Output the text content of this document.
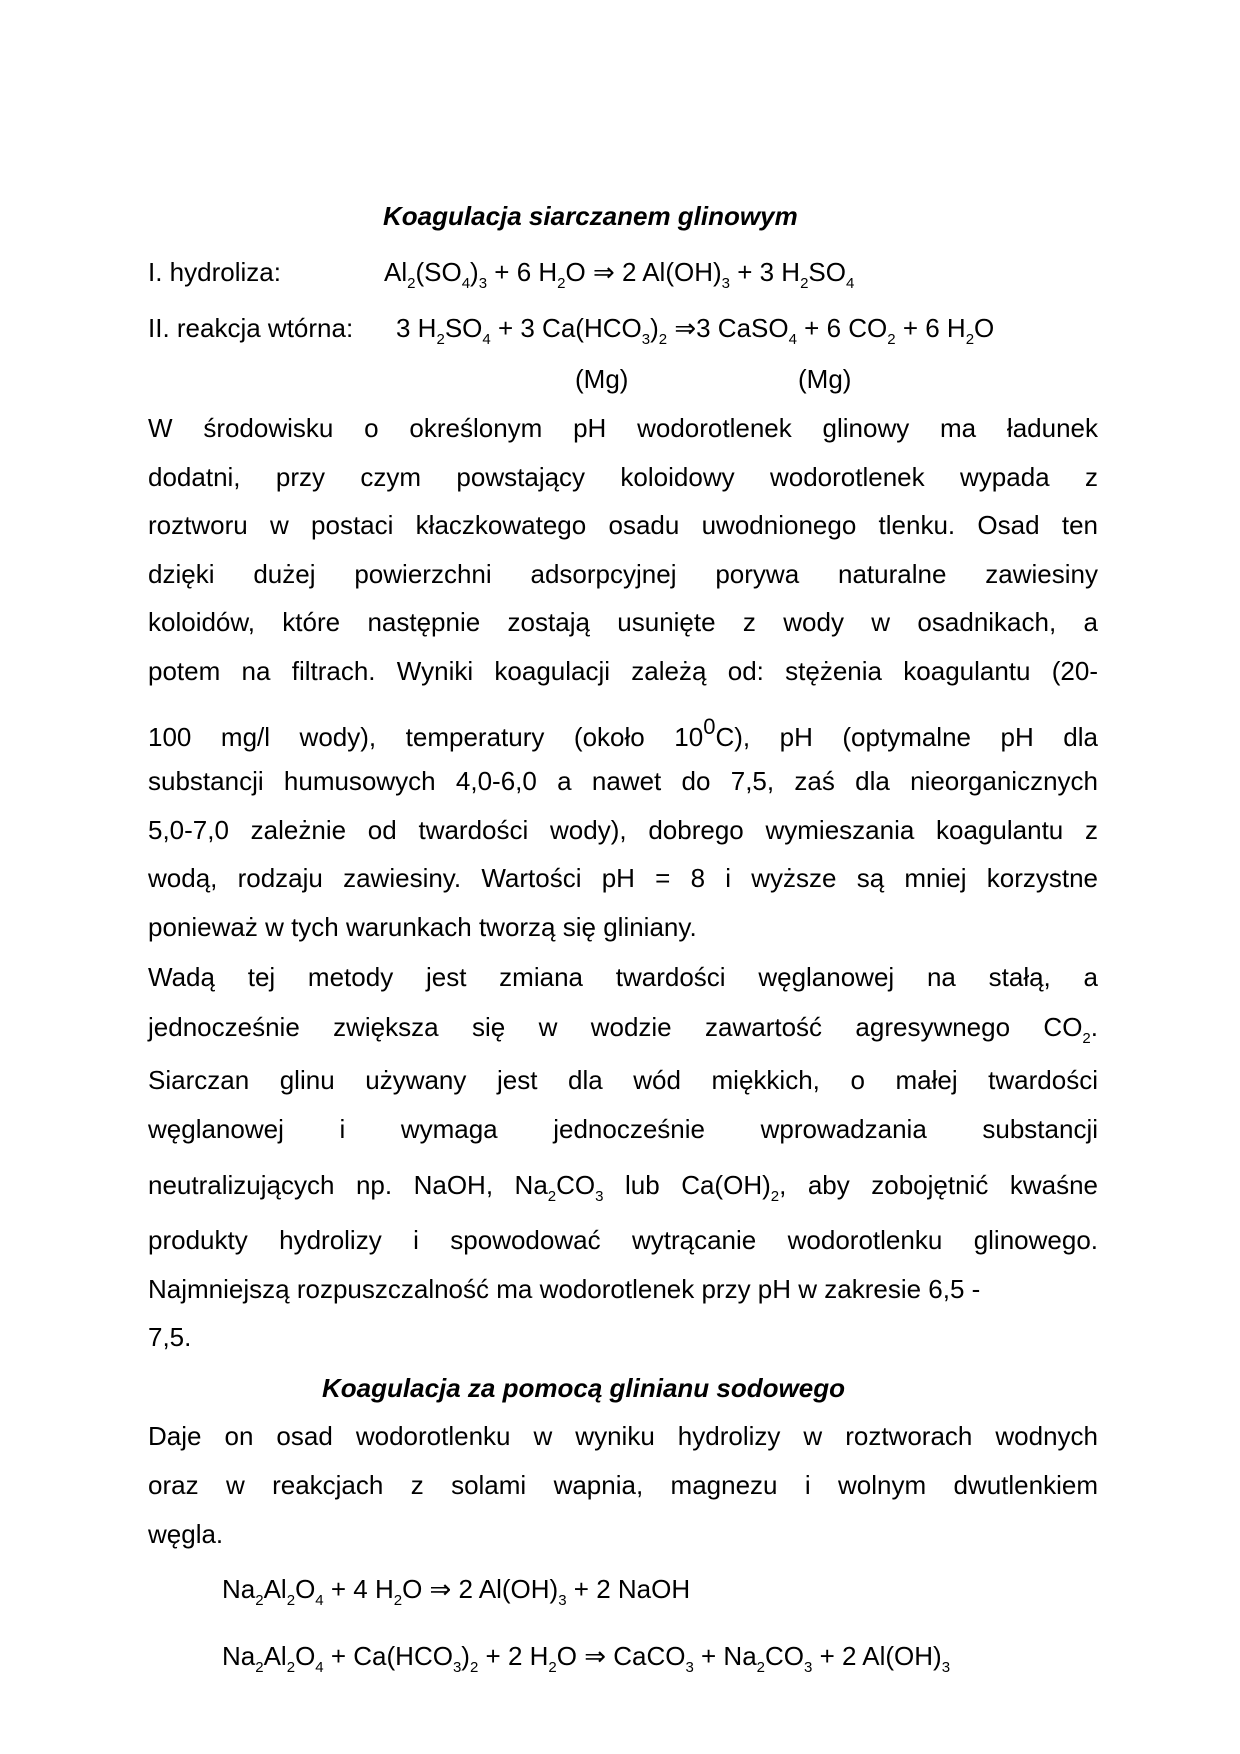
Koagulacja siarczanem glinowym
I. hydroliza:	$Al_2(SO_4)_3 + 6$ $H_2O$ ⇒ 2 $Al(OH)_3 + 3$ $H_2SO_4$
II. reakcja wtórna: 3 $H_2SO_4 + 3$ $Ca(HCO_3)_2$ ⇒3 CaSO$_4$ + 6 $CO_2 + 6$ $H_2O$
(Mg)	(Mg)
W środowisku o określonym pH wodorotlenek glinowy ma ładunek
dodatni, przy czym powstający koloidowy wodorotlenek wypada z
roztworu w postaci kłaczkowatego osadu uwodnionego tlenku. Osad ten
dzięki dużej powierzchni adsorpcyjnej porywa naturalne zawiesiny
koloidów, które następnie zostają usunięte z wody w osadnikach, a
potem na filtrach. Wyniki koagulacji zależą od: stężenia koagulantu (20-
100 mg/l wody), temperatury (około $10^0C$), pH (optymalne pH dla
substancji humusowych 4,0-6,0 a nawet do 7,5, zaś dla nieorganicznych
5,0-7,0 zależnie od twardości wody), dobrego wymieszania koagulantu z
wodą, rodzaju zawiesiny. Wartości pH = 8 i wyższe są mniej korzystne
ponieważ w tych warunkach tworzą się gliniany.
Wadą tej metody jest zmiana twardości węglanowej na stałą, a
jednocześnie zwiększa się w wodzie zawartość agresywnego $CO_2$.
Siarczan glinu używany jest dla wód miękkich, o małej twardości
węglanowej i wymaga jednocześnie wprowadzania substancji
neutralizujących np. NaOH, $Na_2CO_3$ lub $Ca(OH)_2$, aby zobojętnić kwaśne
produkty hydrolizy i spowodować wytrącanie wodorotlenku glinowego.
Najmniejszą rozpuszczalność ma wodorotlenek przy pH w zakresie 6,5 -
7,5.
Koagulacja za pomocą glinianu sodowego
Daje on osad wodorotlenku w wyniku hydrolizy w roztworach wodnych
oraz w reakcjach z solami wapnia, magnezu i wolnym dwutlenkiem
węgla.
$Na_2Al_2O_4 + 4$ $H_2O$ ⇒ 2 $Al(OH)_3 + 2$ NaOH
$Na_2Al_2O_4 + Ca(HCO_3)_2 + 2$ $H_2O$ ⇒ CaCO$_3$ + $Na_2CO_3 + 2$ $Al(OH)_3$
